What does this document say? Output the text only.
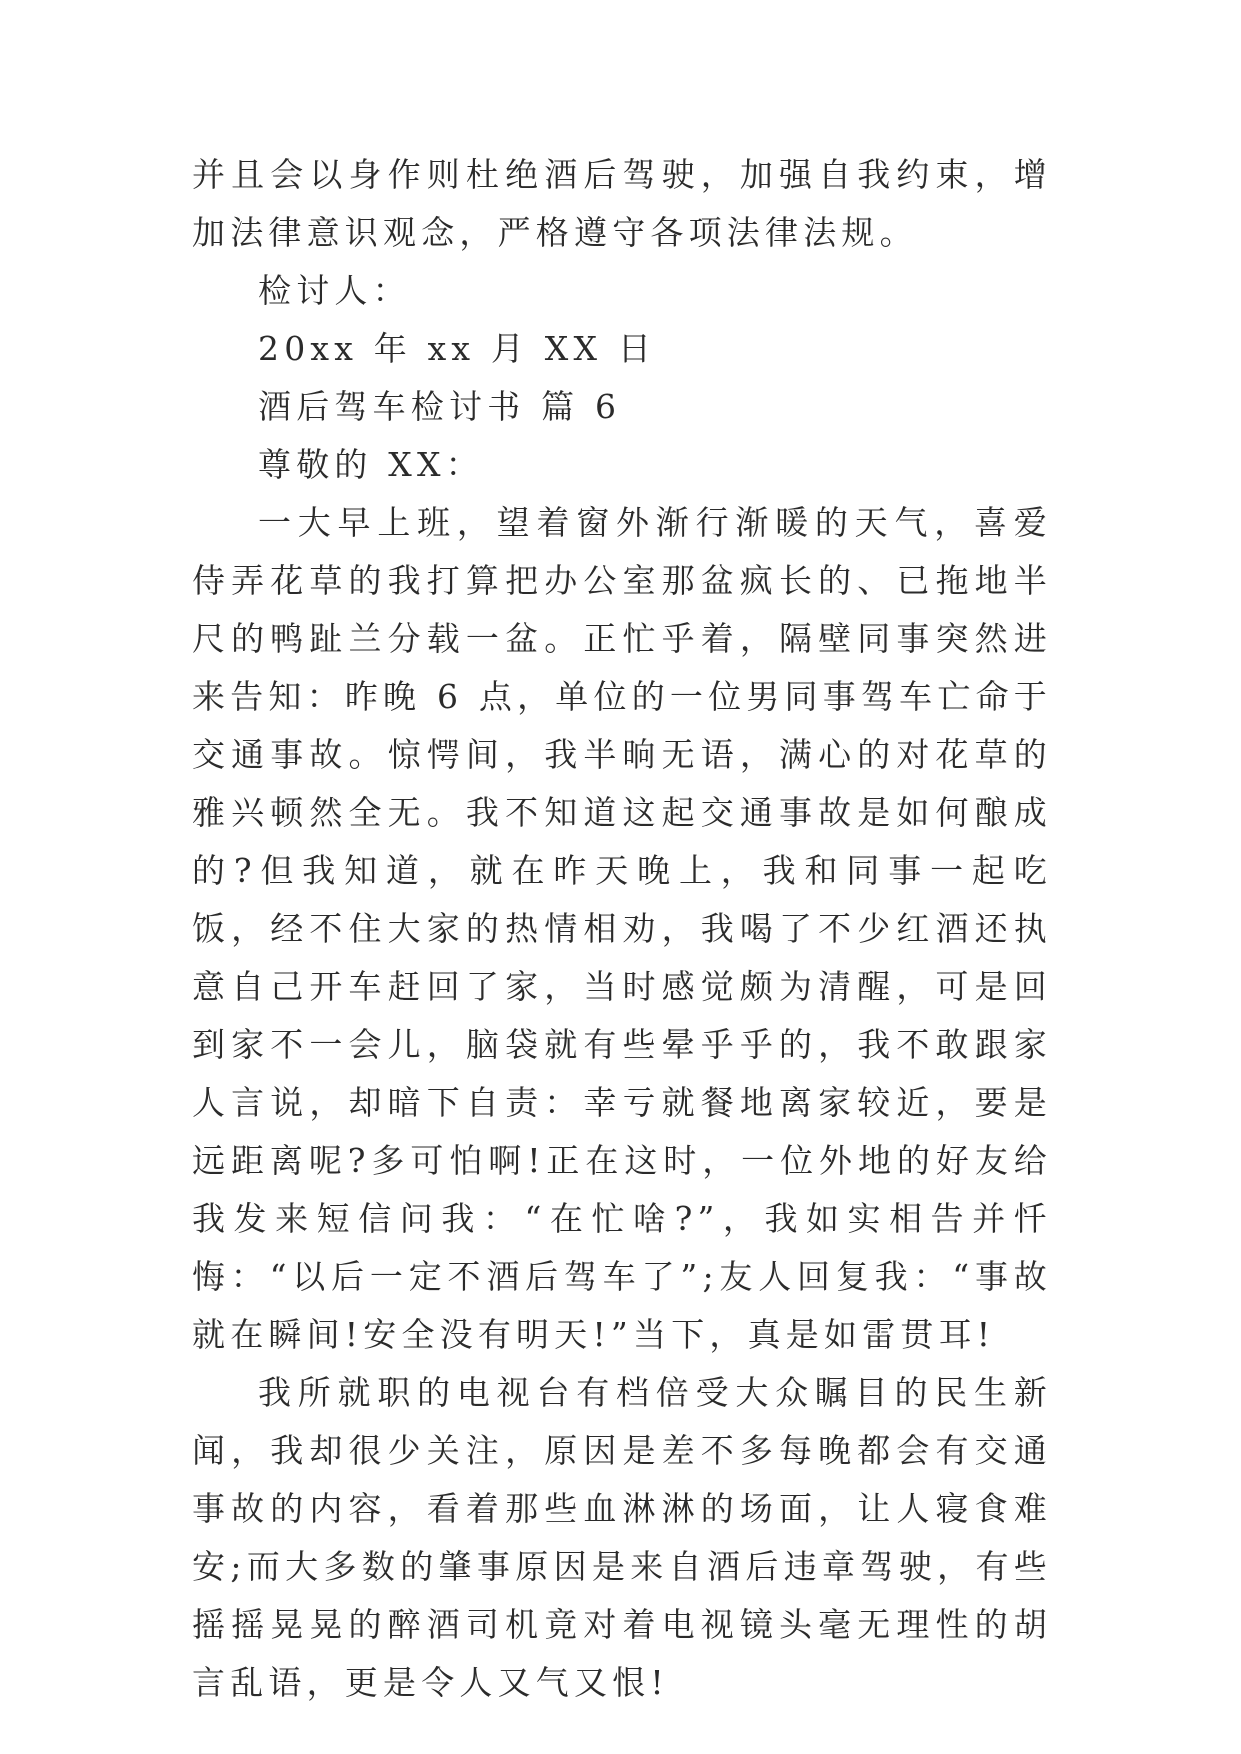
并且会以身作则杜绝酒后驾驶，加强自我约束，增加法律意识观念，严格遵守各项法律法规。

检讨人：

20xx 年 xx 月 XX 日

酒后驾车检讨书 篇 6

尊敬的 XX：

一大早上班，望着窗外渐行渐暖的天气，喜爱侍弄花草的我打算把办公室那盆疯长的、已拖地半尺的鸭趾兰分载一盆。正忙乎着，隔壁同事突然进来告知：昨晚 6 点，单位的一位男同事驾车亡命于交通事故。惊愕间，我半晌无语，满心的对花草的雅兴顿然全无。我不知道这起交通事故是如何酿成的?但我知道，就在昨天晚上，我和同事一起吃饭，经不住大家的热情相劝，我喝了不少红酒还执意自己开车赶回了家，当时感觉颇为清醒，可是回到家不一会儿，脑袋就有些晕乎乎的，我不敢跟家人言说，却暗下自责：幸亏就餐地离家较近，要是远距离呢?多可怕啊!正在这时，一位外地的好友给我发来短信问我：“在忙啥?”，我如实相告并忏悔：“以后一定不酒后驾车了”;友人回复我：“事故就在瞬间!安全没有明天!”当下，真是如雷贯耳!

我所就职的电视台有档倍受大众瞩目的民生新闻，我却很少关注，原因是差不多每晚都会有交通事故的内容，看着那些血淋淋的场面，让人寝食难安;而大多数的肇事原因是来自酒后违章驾驶，有些摇摇晃晃的醉酒司机竟对着电视镜头毫无理性的胡言乱语，更是令人又气又恨!
